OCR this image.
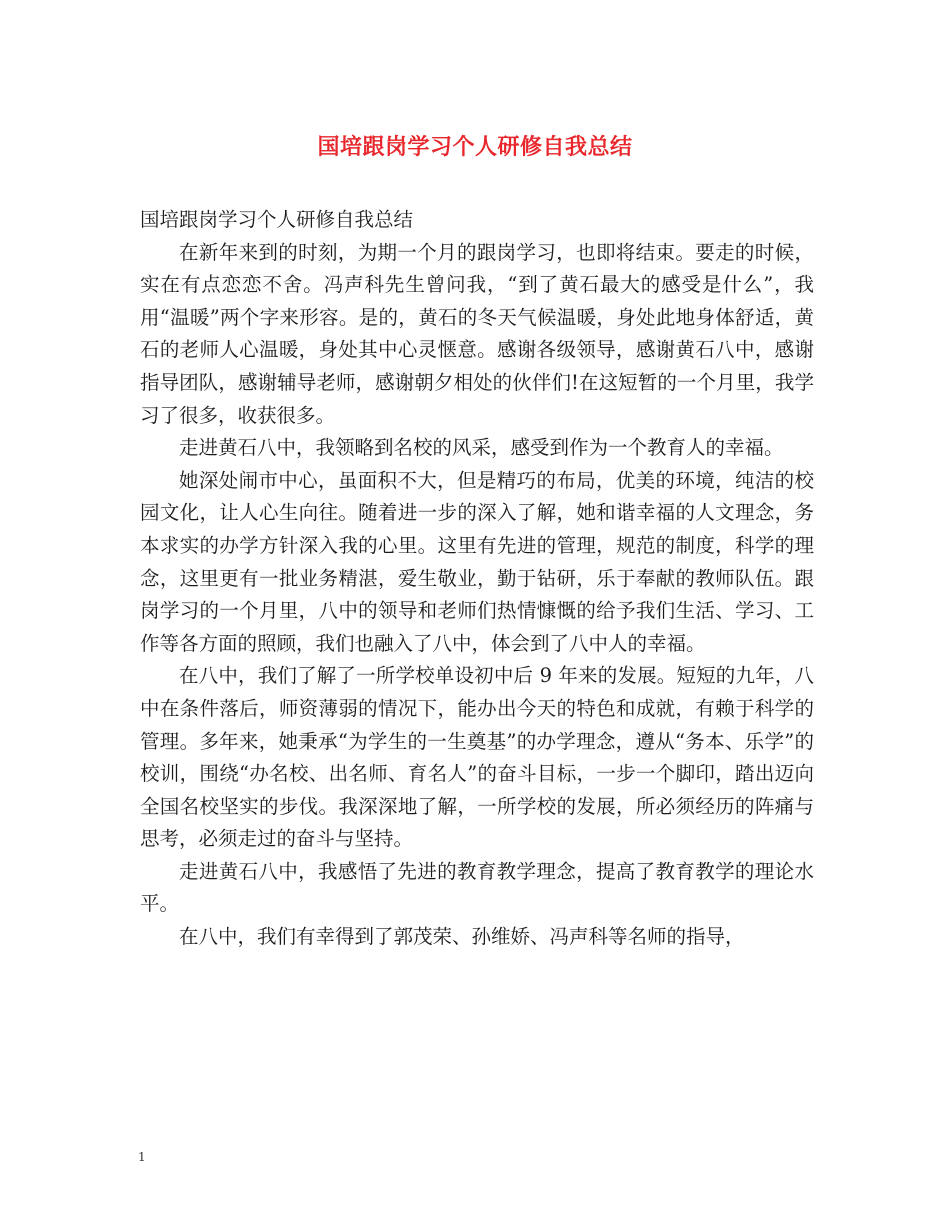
国培跟岗学习个人研修自我总结

国培跟岗学习个人研修自我总结

在新年来到的时刻，为期一个月的跟岗学习，也即将结束。要走的时候，实在有点恋恋不舍。冯声科先生曾问我，“到了黄石最大的感受是什么”，我用“温暖”两个字来形容。是的，黄石的冬天气候温暖，身处此地身体舒适，黄石的老师人心温暖，身处其中心灵惬意。感谢各级领导，感谢黄石八中，感谢指导团队，感谢辅导老师，感谢朝夕相处的伙伴们!在这短暂的一个月里，我学习了很多，收获很多。

走进黄石八中，我领略到名校的风采，感受到作为一个教育人的幸福。

她深处闹市中心，虽面积不大，但是精巧的布局，优美的环境，纯洁的校园文化，让人心生向往。随着进一步的深入了解，她和谐幸福的人文理念，务本求实的办学方针深入我的心里。这里有先进的管理，规范的制度，科学的理念，这里更有一批业务精湛，爱生敬业，勤于钻研，乐于奉献的教师队伍。跟岗学习的一个月里，八中的领导和老师们热情慷慨的给予我们生活、学习、工作等各方面的照顾，我们也融入了八中，体会到了八中人的幸福。

在八中，我们了解了一所学校单设初中后 9 年来的发展。短短的九年，八中在条件落后，师资薄弱的情况下，能办出今天的特色和成就，有赖于科学的管理。多年来，她秉承“为学生的一生奠基”的办学理念，遵从“务本、乐学”的校训，围绕“办名校、出名师、育名人”的奋斗目标，一步一个脚印，踏出迈向全国名校坚实的步伐。我深深地了解，一所学校的发展，所必须经历的阵痛与思考，必须走过的奋斗与坚持。

走进黄石八中，我感悟了先进的教育教学理念，提高了教育教学的理论水平。

在八中，我们有幸得到了郭茂荣、孙维娇、冯声科等名师的指导，

1
